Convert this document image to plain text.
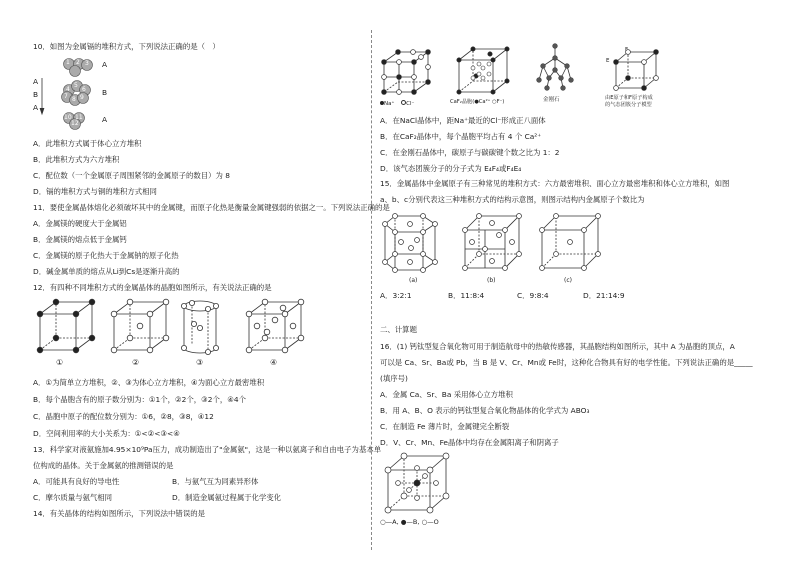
10．如图为金属镉的堆积方式，下列说法正确的是（　）
A
B
A
1 2 3
4
5
6
7 8 9
10 11
12
A
B
A
A．此堆积方式属于体心立方堆积
B．此堆积方式为六方堆积
C．配位数（一个金属原子周围紧邻的金属原子的数目）为 8
D．镉的堆积方式与铜的堆积方式相同
11．要使金属晶体熔化必须破坏其中的金属键，而原子化热是衡量金属键强弱的依据之一。下列说法正确的是
A．金属镁的硬度大于金属铝
B．金属镁的熔点低于金属钙
C．金属镁的原子化热大于金属钠的原子化热
D．碱金属单质的熔点从Li到Cs是逐渐升高的
12．有四种不同堆积方式的金属晶体的晶胞如图所示，有关说法正确的是
①	②	③	④
A．①为简单立方堆积，②、③为体心立方堆积，④为面心立方最密堆积
B．每个晶胞含有的原子数分别为：①1个，②2个，③2个，④4个
C．晶胞中原子的配位数分别为：①6，②8，③8，④12
D．空间利用率的大小关系为：①<②<③<④
13．科学家对液氨施加4.95×10⁹Pa压力，成功制造出了"金属氨"，这是一种以氨离子和自由电子为基本单
位构成的晶体。关于金属氨的推测错误的是
A．可能具有良好的导电性	B．与氨气互为同素异形体
C．摩尔质量与氨气相同	D．制造金属氨过程属于化学变化
14．有关晶体的结构如图所示，下列说法中错误的是
Na⁺ Cl⁻	CaF₂晶胞(●Ca²⁺ ○F⁻)	金刚石
E
F
由E原子和F原子构成
的气态团簇分子模型
A．在NaCl晶体中，距Na⁺最近的Cl⁻形成正八面体
B．在CaF₂晶体中，每个晶胞平均占有 4 个 Ca²⁺
C．在金刚石晶体中，碳原子与碳碳键个数之比为 1：2
D．该气态团簇分子的分子式为 E₄F₄或F₄E₄
15．金属晶体中金属原子有三种常见的堆积方式：六方最密堆积、面心立方最密堆积和体心立方堆积，如图
a、b、c分别代表这三种堆积方式的结构示意图，则图示结构内金属原子个数比为
(a)	(b)	(c)
A．3:2:1	B．11:8:4	C．9:8:4	D．21:14:9
二、计算题
16．(1) 钙钛型复合氧化物可用于制造航母中的热敏传感器，其晶胞结构如图所示，其中 A 为晶胞的顶点，A
可以是 Ca、Sr、Ba或 Pb，当 B 是 V、Cr、Mn或 Fe时，这种化合物具有好的电学性能。下列说法正确的是_____
(填序号)
A．金属 Ca、Sr、Ba 采用体心立方堆积
B．用 A、B、O 表示的钙钛型复合氧化物晶体的化学式为 ABO₃
C．在制造 Fe 薄片时，金属键完全断裂
D．V、Cr、Mn、Fe晶体中均存在金属阳离子和阴离子
○—A, ●—B, ○—O
